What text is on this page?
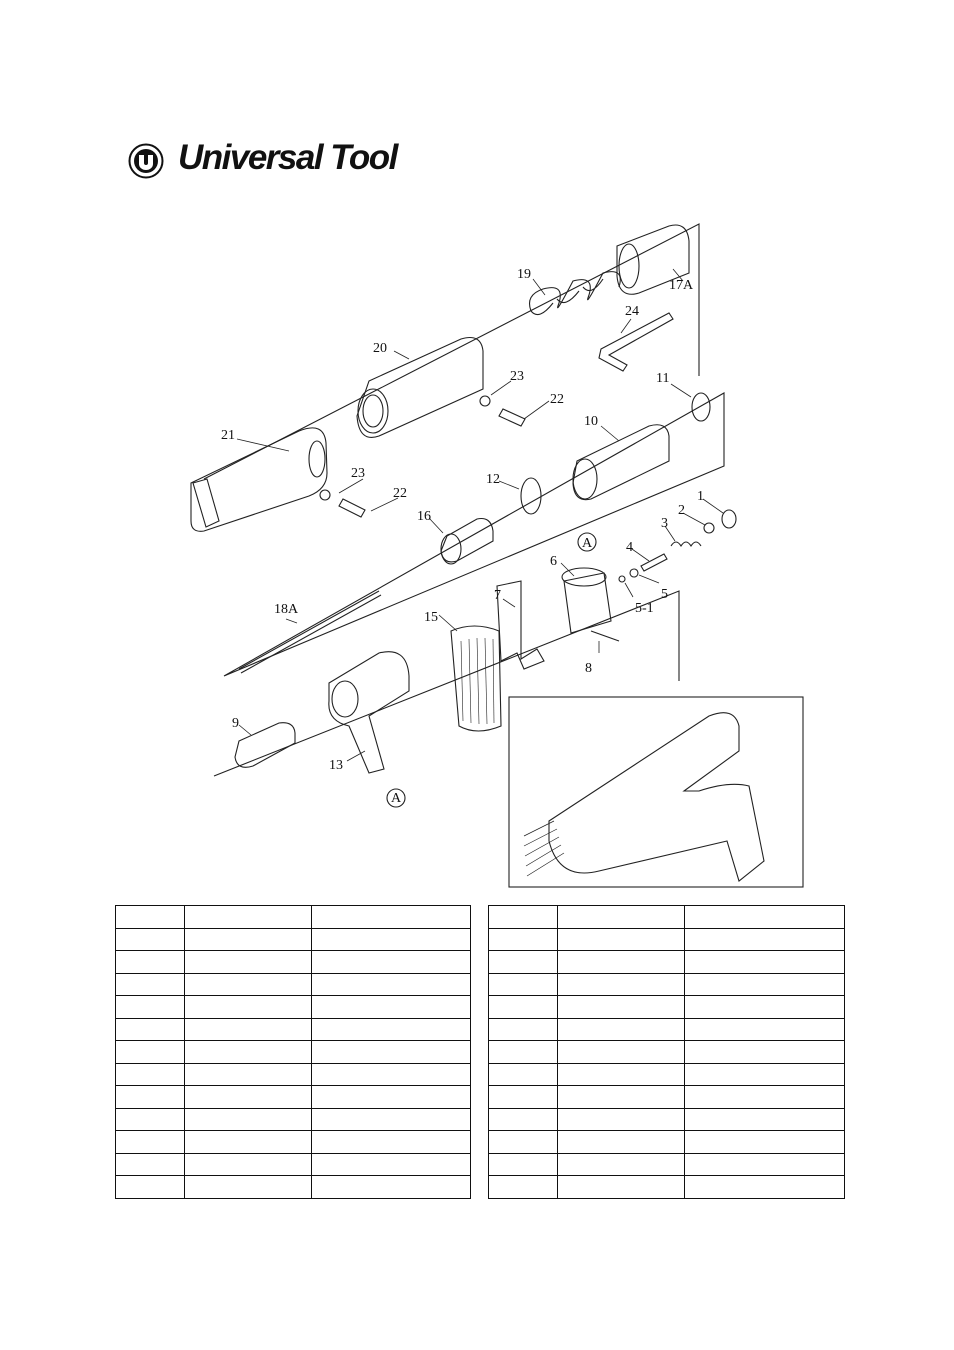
Universal Tool
1
2
3
4
5
5-1
6
7
8
9
10
11
12
13
15
16
17A
18A
19
20
21
22
23
22
23
24
A
A
